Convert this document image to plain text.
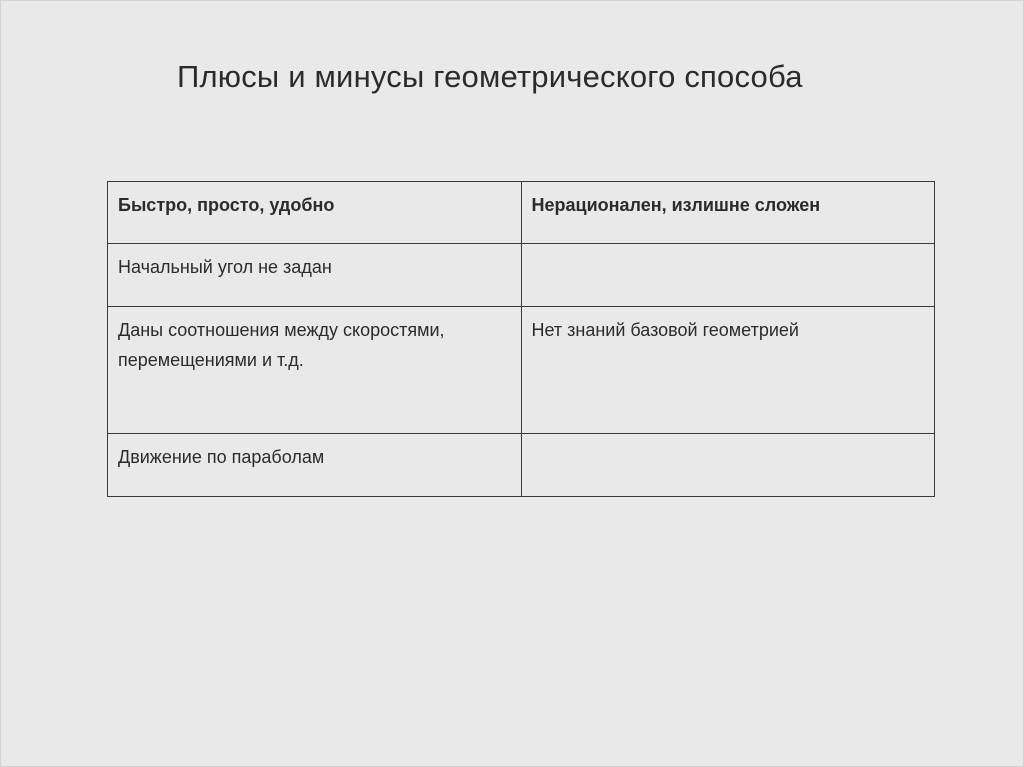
Плюсы и минусы геометрического способа
Быстро, просто, удобно	Нерационален, излишне сложен
Начальный угол не задан	
Даны соотношения между скоростями, перемещениями и т.д.	Нет знаний базовой геометрией
Движение по параболам	
